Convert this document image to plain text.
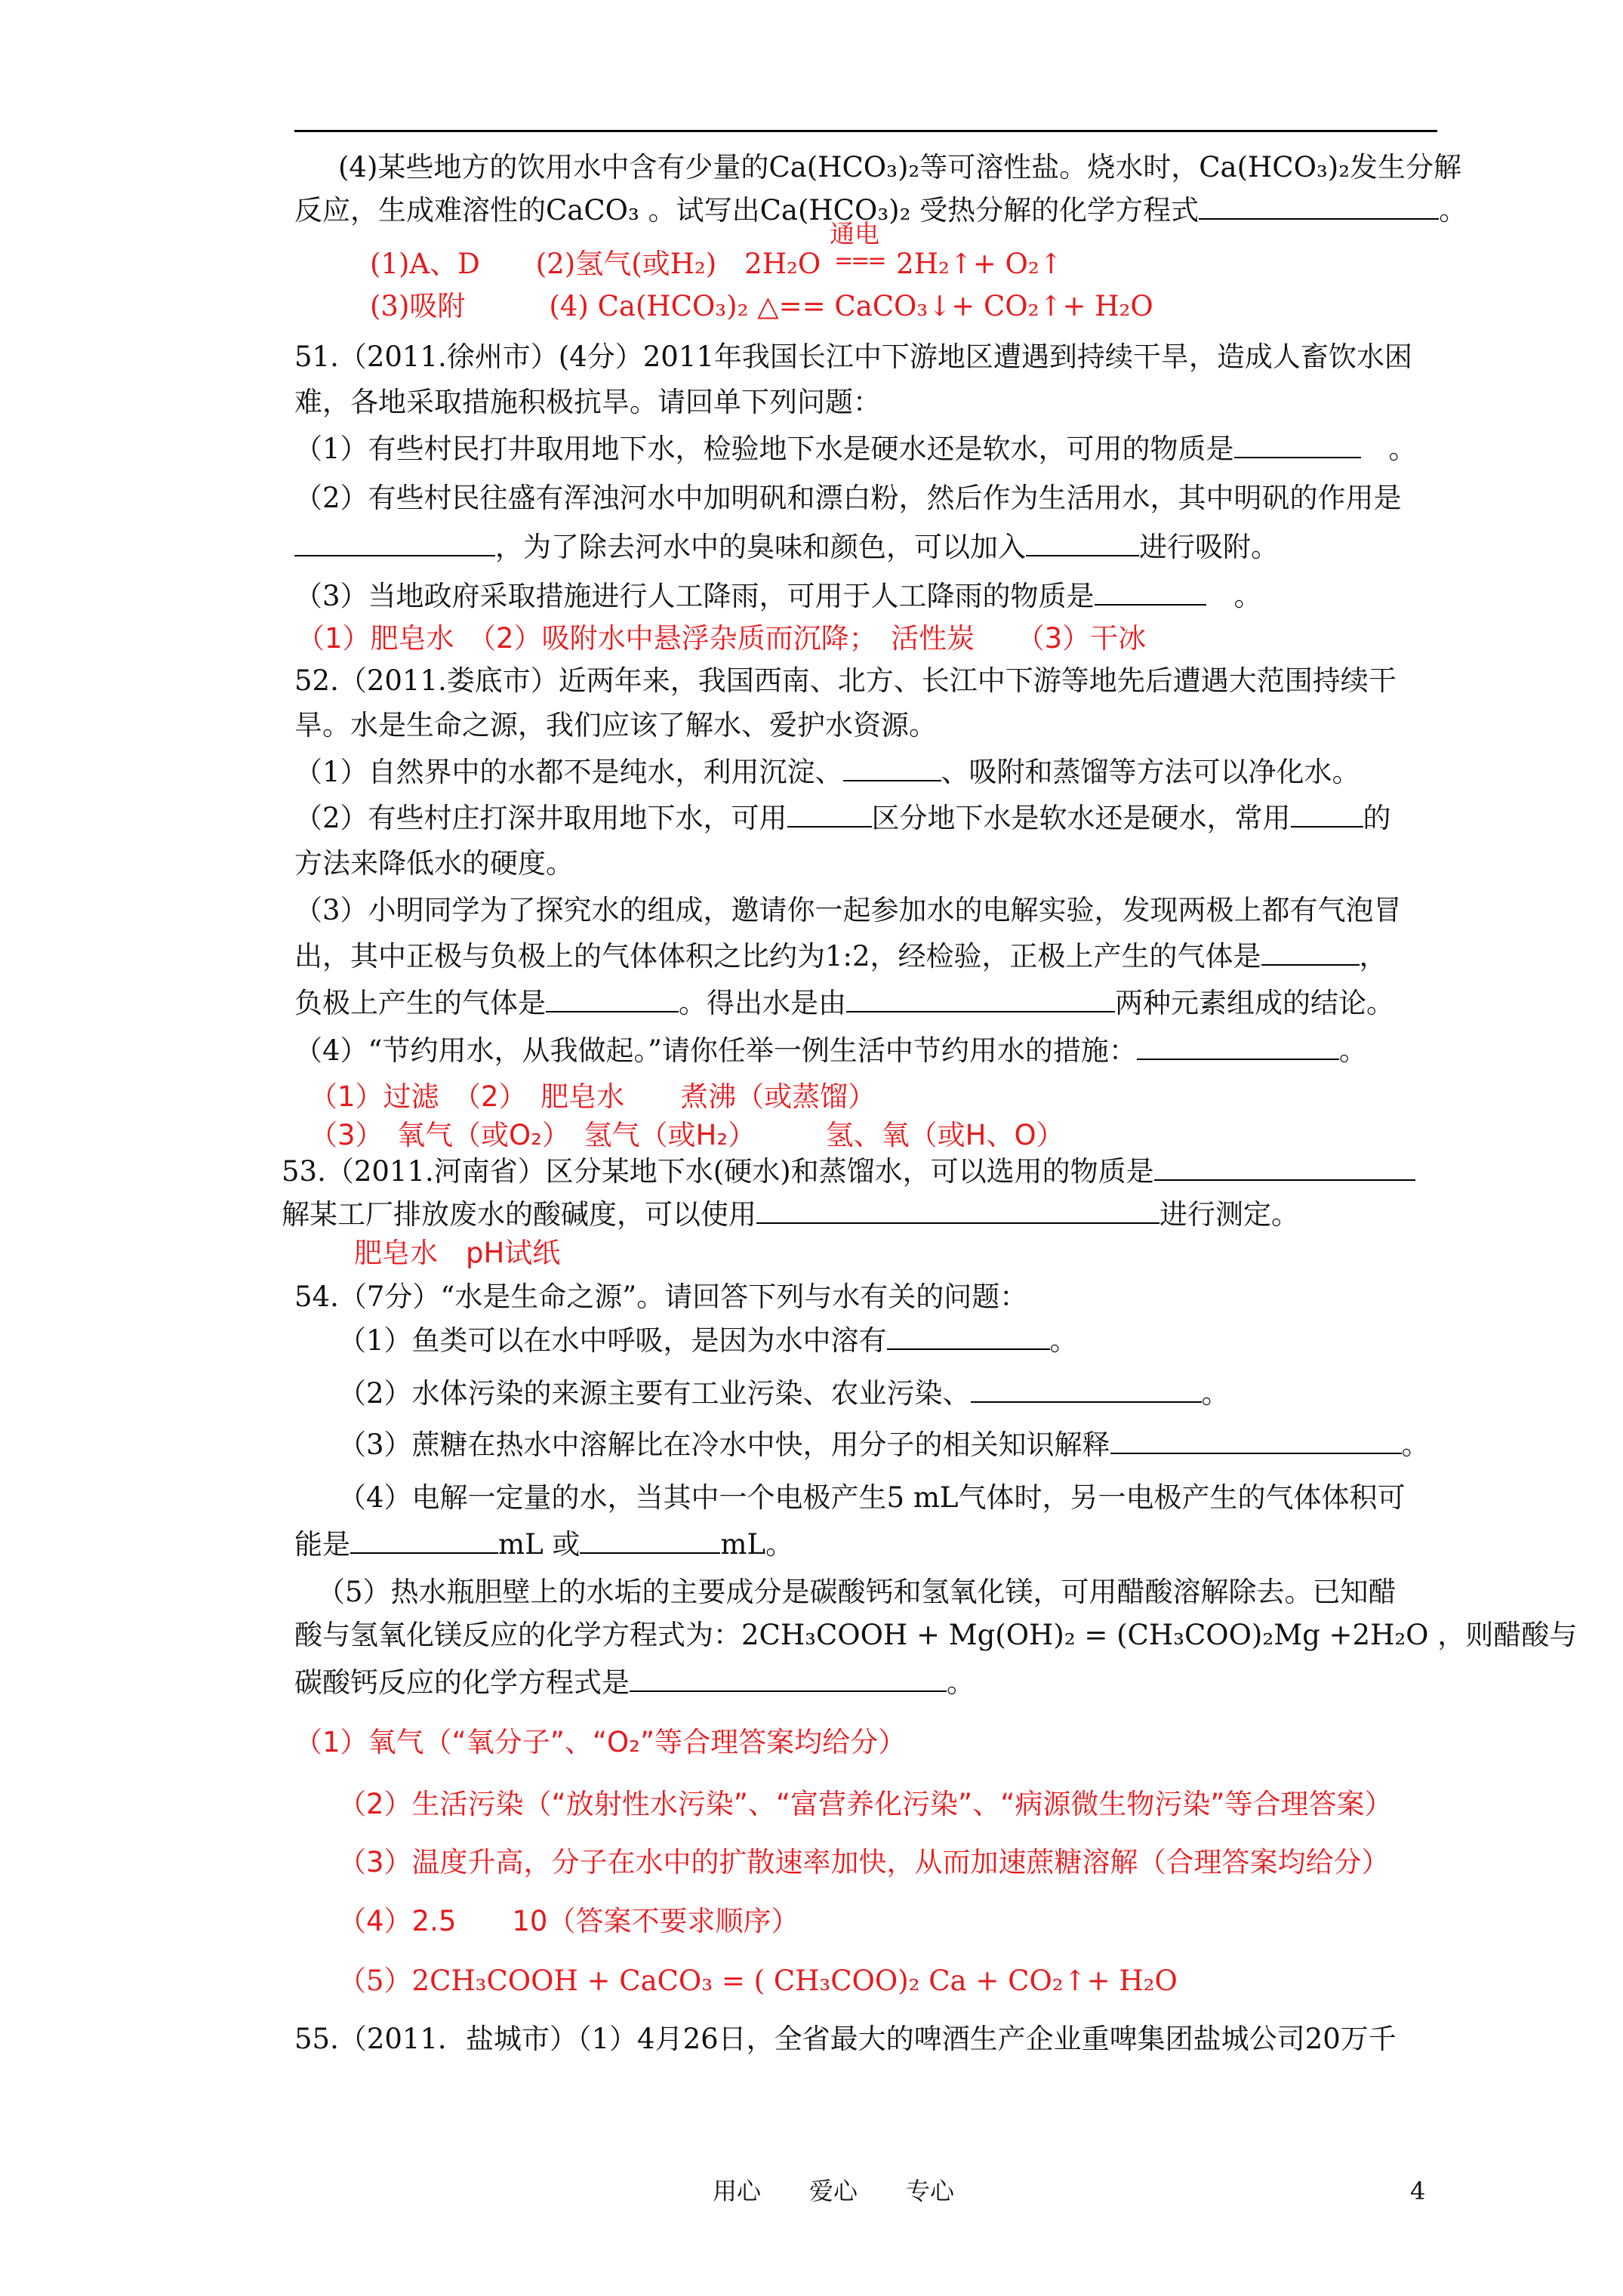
(4)某些地方的饮用水中含有少量的Ca(HCO₃)₂等可溶性盐。烧水时，Ca(HCO₃)₂发生分解
反应，生成难溶性的CaCO₃ 。试写出Ca(HCO₃)₂ 受热分解的化学方程式	。
(1)A、D　　(2)氢气(或H₂)　2H₂O
通电
=== 2H₂↑+ O₂↑
(3)吸附　　　(4) Ca(HCO₃)₂ △== CaCO₃↓+ CO₂↑+ H₂O
51.（2011.徐州市）(4分）2011年我国长江中下游地区遭遇到持续干旱，造成人畜饮水困
难，各地采取措施积极抗旱。请回单下列问题：
（1）有些村民打井取用地下水，检验地下水是硬水还是软水，可用的物质是	　。
（2）有些村民往盛有浑浊河水中加明矾和漂白粉，然后作为生活用水，其中明矾的作用是
，为了除去河水中的臭味和颜色，可以加入	进行吸附。
（3）当地政府采取措施进行人工降雨，可用于人工降雨的物质是	　。
（1）肥皂水　（2）吸附水中悬浮杂质而沉降；　活性炭　　（3）干冰
52.（2011.娄底市）近两年来，我国西南、北方、长江中下游等地先后遭遇大范围持续干
旱。水是生命之源，我们应该了解水、爱护水资源。
（1）自然界中的水都不是纯水，利用沉淀、	、吸附和蒸馏等方法可以净化水。
（2）有些村庄打深井取用地下水，可用	区分地下水是软水还是硬水，常用	的
方法来降低水的硬度。
（3）小明同学为了探究水的组成，邀请你一起参加水的电解实验，发现两极上都有气泡冒
出，其中正极与负极上的气体体积之比约为1:2，经检验，正极上产生的气体是	，
负极上产生的气体是	。得出水是由	两种元素组成的结论。
（4）“节约用水，从我做起。”请你任举一例生活中节约用水的措施：	。
（1）过滤　（2）　肥皂水　　煮沸（或蒸馏）
（3）　氧气（或O₂）　氢气（或H₂）　　　氢、氧（或H、O）
53.（2011.河南省）区分某地下水(硬水)和蒸馏水，可以选用的物质是
解某工厂排放废水的酸碱度，可以使用	进行测定。
肥皂水　pH试纸
54.（7分）“水是生命之源”。请回答下列与水有关的问题：
（1）鱼类可以在水中呼吸，是因为水中溶有	。
（2）水体污染的来源主要有工业污染、农业污染、	。
（3）蔗糖在热水中溶解比在冷水中快，用分子的相关知识解释	。
（4）电解一定量的水，当其中一个电极产生5 mL气体时，另一电极产生的气体体积可
能是	mL 或	mL。
（5）热水瓶胆壁上的水垢的主要成分是碳酸钙和氢氧化镁，可用醋酸溶解除去。已知醋
酸与氢氧化镁反应的化学方程式为：2CH₃COOH + Mg(OH)₂ = (CH₃COO)₂Mg +2H₂O ，则醋酸与
碳酸钙反应的化学方程式是	。
（1）氧气（“氧分子”、“O₂”等合理答案均给分）
（2）生活污染（“放射性水污染”、“富营养化污染”、“病源微生物污染”等合理答案）
（3）温度升高，分子在水中的扩散速率加快，从而加速蔗糖溶解（合理答案均给分）
（4）2.5　　10（答案不要求顺序）
（5）2CH₃COOH + CaCO₃ = ( CH₃COO)₂ Ca + CO₂↑+ H₂O
55.（2011．盐城市）（1）4月26日，全省最大的啤酒生产企业重啤集团盐城公司20万千
用心　　爱心　　专心	4
